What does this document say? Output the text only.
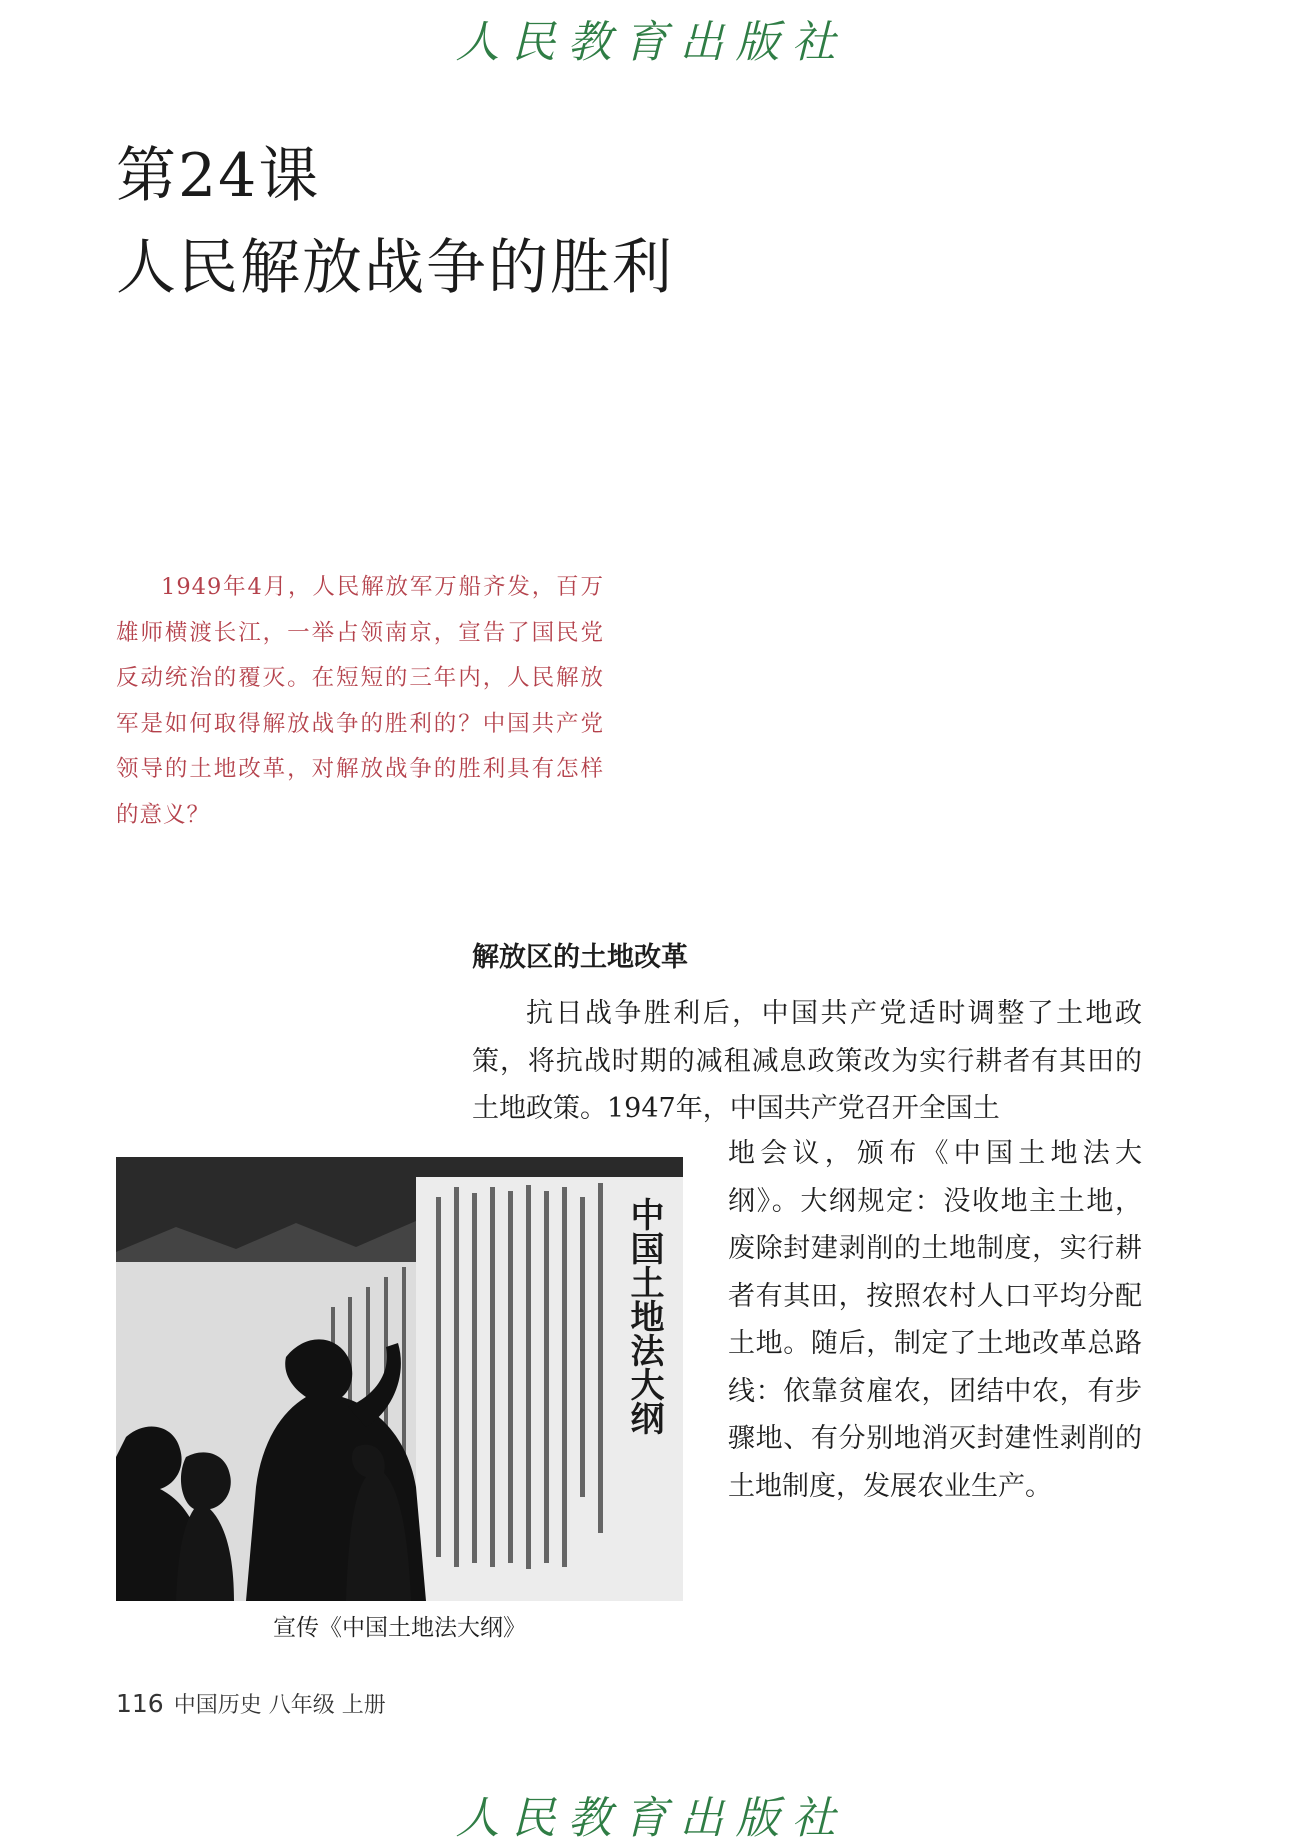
人民教育出版社
第24课
人民解放战争的胜利

1949年4月，人民解放军万船齐发，百万雄师横渡长江，一举占领南京，宣告了国民党反动统治的覆灭。在短短的三年内，人民解放军是如何取得解放战争的胜利的？中国共产党领导的土地改革，对解放战争的胜利具有怎样的意义？

解放区的土地改革

抗日战争胜利后，中国共产党适时调整了土地政策，将抗战时期的减租减息政策改为实行耕者有其田的土地政策。1947年，中国共产党召开全国土

地会议，颁布《中国土地法大纲》。大纲规定：没收地主土地，废除封建剥削的土地制度，实行耕者有其田，按照农村人口平均分配土地。随后，制定了土地改革总路线：依靠贫雇农，团结中农，有步骤地、有分别地消灭封建性剥削的土地制度，发展农业生产。

中国土地法大纲
宣传《中国土地法大纲》
116 中国历史 八年级 上册
人民教育出版社
